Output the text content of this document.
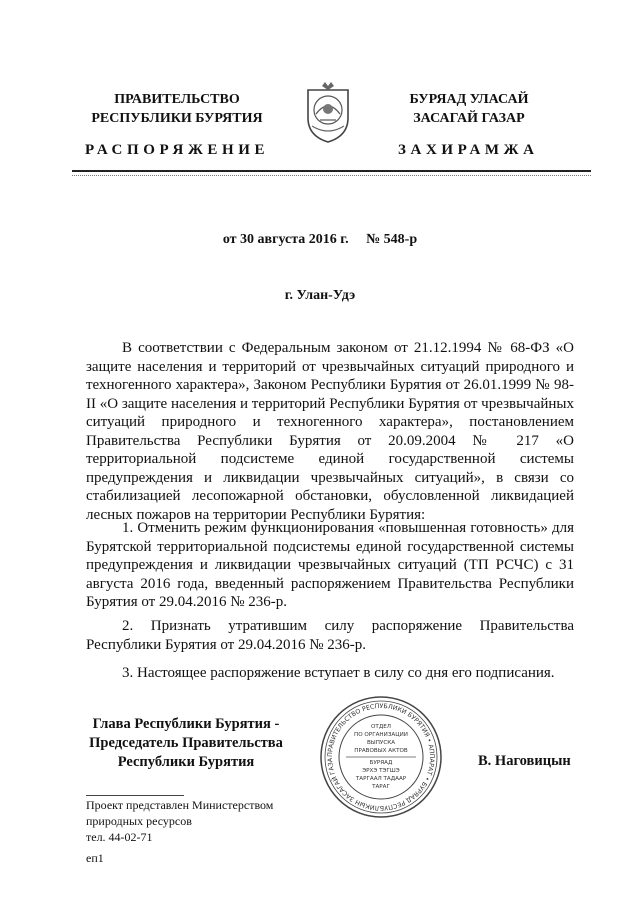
ПРАВИТЕЛЬСТВО
РЕСПУБЛИКИ БУРЯТИЯ
БУРЯАД УЛАСАЙ
ЗАСАГАЙ ГАЗАР
РАСПОРЯЖЕНИЕ	ЗАХИРАМЖА
от 30 августа 2016 г. № 548-р
г. Улан-Удэ

В соответствии с Федеральным законом от 21.12.1994 № 68-ФЗ «О защите населения и территорий от чрезвычайных ситуаций природного и техногенного характера», Законом Республики Бурятия от 26.01.1999 № 98-II «О защите населения и территорий Республики Бурятия от чрезвычайных ситуаций природного и техногенного характера», постановлением Правительства Республики Бурятия от 20.09.2004 № 217 «О территориальной подсистеме единой государственной системы предупреждения и ликвидации чрезвычайных ситуаций», в связи со стабилизацией лесопожарной обстановки, обусловленной ликвидацией лесных пожаров на территории Республики Бурятия:

1. Отменить режим функционирования «повышенная готовность» для Бурятской территориальной подсистемы единой государственной системы предупреждения и ликвидации чрезвычайных ситуаций (ТП РСЧС) с 31 августа 2016 года, введенный распоряжением Правительства Республики Бурятия от 29.04.2016 № 236-р.

2. Признать утратившим силу распоряжение Правительства Республики Бурятия от 29.04.2016 № 236-р.

3. Настоящее распоряжение вступает в силу со дня его подписания.

Глава Республики Бурятия -
Председатель Правительства
Республики Бурятия	ПРАВИТЕЛЬСТВО РЕСПУБЛИКИ БУРЯТИЯ • АППАРАТ • БУРЯАД РЕСПУБЛИКЫН ЗАСАГАЙ ГАЗА
ОТДЕЛ
ПО ОРГАНИЗАЦИИ
ВЫПУСКА
ПРАВОВЫХ АКТОВ
БУРЯАД
ЭРХЭ ТЭГШЭ
ТАРГААЛ ТАДААР
ТАРАГ
В. Наговицын
Проект представлен Министерством
природных ресурсов
тел. 44-02-71
еп1
